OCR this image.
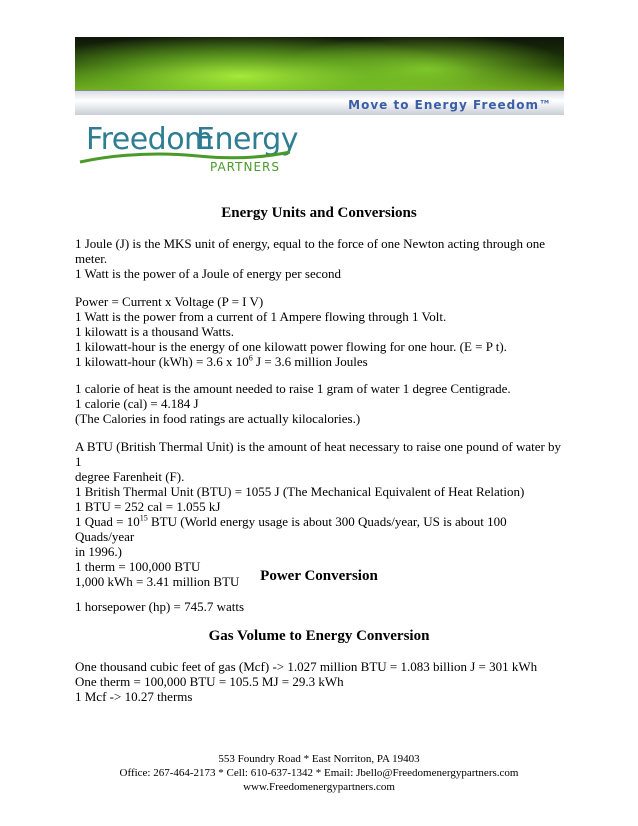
Move to Energy Freedom™
Freedom
Energy
PARTNERS
Energy Units and Conversions
1 Joule (J) is the MKS unit of energy, equal to the force of one Newton acting through one
meter.
1 Watt is the power of a Joule of energy per second
Power = Current x Voltage (P = I V)
1 Watt is the power from a current of 1 Ampere flowing through 1 Volt.
1 kilowatt is a thousand Watts.
1 kilowatt-hour is the energy of one kilowatt power flowing for one hour. (E = P t).
1 kilowatt-hour (kWh) = 3.6 x $10^6$ J = 3.6 million Joules
1 calorie of heat is the amount needed to raise 1 gram of water 1 degree Centigrade.
1 calorie (cal) = 4.184 J
(The Calories in food ratings are actually kilocalories.)
A BTU (British Thermal Unit) is the amount of heat necessary to raise one pound of water by 1
degree Farenheit (F).
1 British Thermal Unit (BTU) = 1055 J (The Mechanical Equivalent of Heat Relation)
1 BTU = 252 cal = 1.055 kJ
1 Quad = $10^{15}$ BTU (World energy usage is about 300 Quads/year, US is about 100 Quads/year
in 1996.)
1 therm = 100,000 BTU
1,000 kWh = 3.41 million BTU	Power Conversion
1 horsepower (hp) = 745.7 watts
Gas Volume to Energy Conversion
One thousand cubic feet of gas (Mcf) -> 1.027 million BTU = 1.083 billion J = 301 kWh
One therm = 100,000 BTU = 105.5 MJ = 29.3 kWh
1 Mcf -> 10.27 therms
553 Foundry Road * East Norriton, PA 19403
Office: 267-464-2173 * Cell: 610-637-1342 * Email: Jbello@Freedomenergypartners.com
www.Freedomenergypartners.com
